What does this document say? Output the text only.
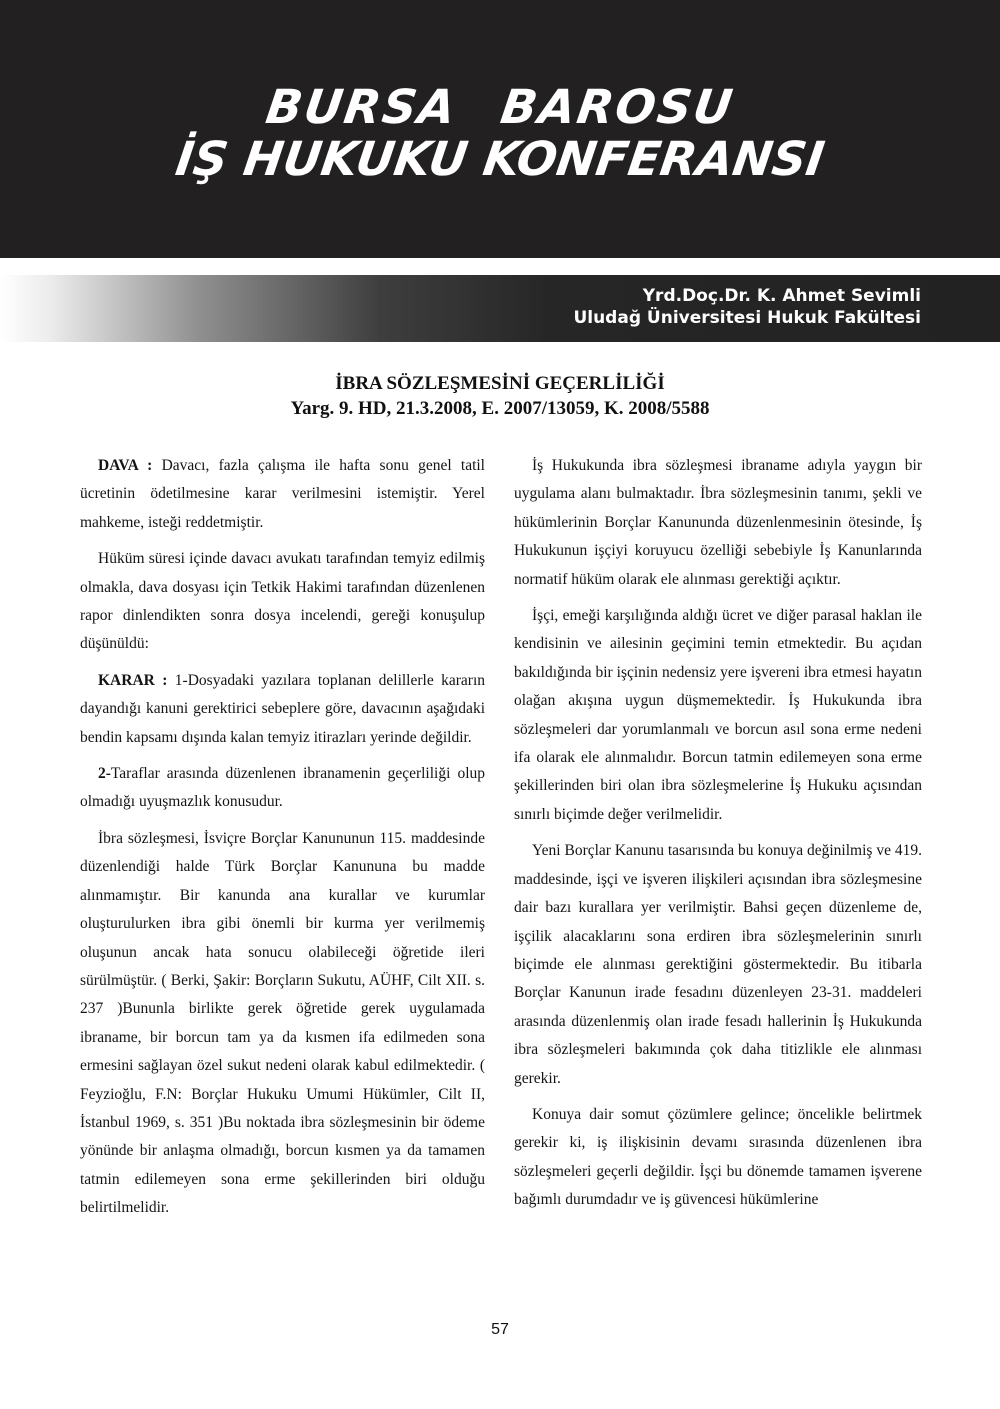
BURSA BAROSU
İŞ HUKUKU KONFERANSI
Yrd.Doç.Dr. K. Ahmet Sevimli
Uludağ Üniversitesi Hukuk Fakültesi
İBRA SÖZLEŞMESİNİ GEÇERLİLİĞİ
Yarg. 9. HD, 21.3.2008, E. 2007/13059, K. 2008/5588

DAVA : Davacı, fazla çalışma ile hafta sonu genel tatil ücretinin ödetilmesine karar verilmesini istemiştir. Yerel mahkeme, isteği reddetmiştir.

Hüküm süresi içinde davacı avukatı tarafından temyiz edilmiş olmakla, dava dosyası için Tetkik Hakimi tarafından düzenlenen rapor dinlendikten sonra dosya incelendi, gereği konuşulup düşünüldü:

KARAR : 1-Dosyadaki yazılara toplanan delillerle kararın dayandığı kanuni gerektirici sebeplere göre, davacının aşağıdaki bendin kapsamı dışında kalan temyiz itirazları yerinde değildir.

2-Taraflar arasında düzenlenen ibranamenin geçerliliği olup olmadığı uyuşmazlık konusudur.

İbra sözleşmesi, İsviçre Borçlar Kanununun 115. maddesinde düzenlendiği halde Türk Borçlar Kanununa bu madde alınmamıştır. Bir kanunda ana kurallar ve kurumlar oluşturulurken ibra gibi önemli bir kurma yer verilmemiş oluşunun ancak hata sonucu olabileceği öğretide ileri sürülmüştür. ( Berki, Şakir: Borçların Sukutu, AÜHF, Cilt XII. s. 237 )Bununla birlikte gerek öğretide gerek uygulamada ibraname, bir borcun tam ya da kısmen ifa edilmeden sona ermesini sağlayan özel sukut nedeni olarak kabul edilmektedir. ( Feyzioğlu, F.N: Borçlar Hukuku Umumi Hükümler, Cilt II, İstanbul 1969, s. 351 )Bu noktada ibra sözleşmesinin bir ödeme yönünde bir anlaşma olmadığı, borcun kısmen ya da tamamen tatmin edilemeyen sona erme şekillerinden biri olduğu belirtilmelidir.

İş Hukukunda ibra sözleşmesi ibraname adıyla yaygın bir uygulama alanı bulmaktadır. İbra sözleşmesinin tanımı, şekli ve hükümlerinin Borçlar Kanununda düzenlenmesinin ötesinde, İş Hukukunun işçiyi koruyucu özelliği sebebiyle İş Kanunlarında normatif hüküm olarak ele alınması gerektiği açıktır.

İşçi, emeği karşılığında aldığı ücret ve diğer parasal haklan ile kendisinin ve ailesinin geçimini temin etmektedir. Bu açıdan bakıldığında bir işçinin nedensiz yere işvereni ibra etmesi hayatın olağan akışına uygun düşmemektedir. İş Hukukunda ibra sözleşmeleri dar yorumlanmalı ve borcun asıl sona erme nedeni ifa olarak ele alınmalıdır. Borcun tatmin edilemeyen sona erme şekillerinden biri olan ibra sözleşmelerine İş Hukuku açısından sınırlı biçimde değer verilmelidir.

Yeni Borçlar Kanunu tasarısında bu konuya değinilmiş ve 419. maddesinde, işçi ve işveren ilişkileri açısından ibra sözleşmesine dair bazı kurallara yer verilmiştir. Bahsi geçen düzenleme de, işçilik alacaklarını sona erdiren ibra sözleşmelerinin sınırlı biçimde ele alınması gerektiğini göstermektedir. Bu itibarla Borçlar Kanunun irade fesadını düzenleyen 23-31. maddeleri arasında düzenlenmiş olan irade fesadı hallerinin İş Hukukunda ibra sözleşmeleri bakımında çok daha titizlikle ele alınması gerekir.

Konuya dair somut çözümlere gelince; öncelikle belirtmek gerekir ki, iş ilişkisinin devamı sırasında düzenlenen ibra sözleşmeleri geçerli değildir. İşçi bu dönemde tamamen işverene bağımlı durumdadır ve iş güvencesi hükümlerine

57
